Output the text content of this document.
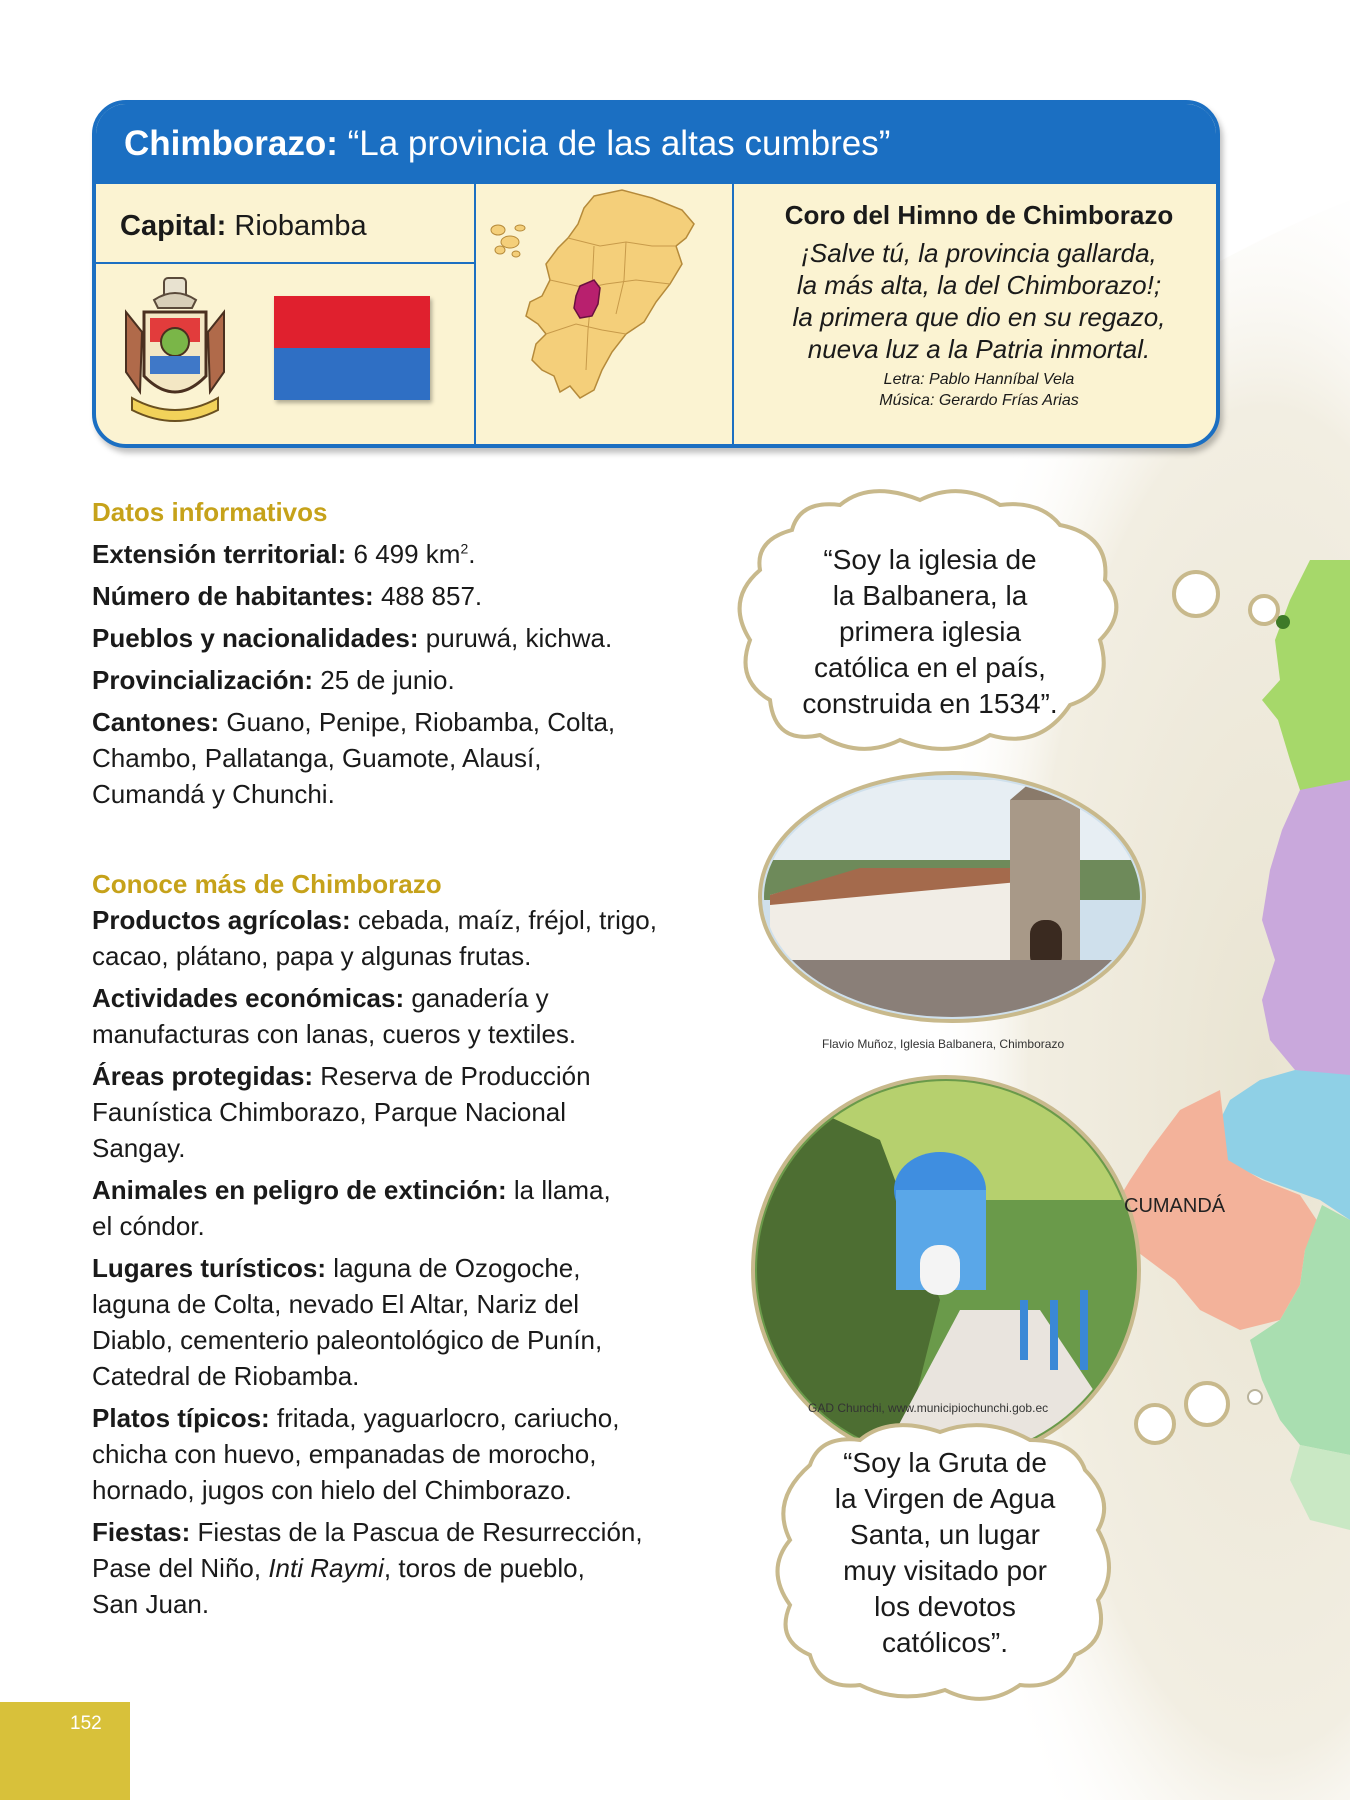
Chimborazo: “La provincia de las altas cumbres”
Capital: Riobamba	Coro del Himno de Chimborazo
¡Salve tú, la provincia gallarda,
la más alta, la del Chimborazo!;
la primera que dio en su regazo,
nueva luz a la Patria inmortal.
Letra: Pablo Hanníbal Vela
Música: Gerardo Frías Arias
Datos informativos
Extensión territorial: 6 499 $km^2$.
Número de habitantes: 488 857.
Pueblos y nacionalidades: puruwá, kichwa.
Provincialización: 25 de junio.
Cantones: Guano, Penipe, Riobamba, Colta,
Chambo, Pallatanga, Guamote, Alausí,
Cumandá y Chunchi.
Conoce más de Chimborazo
Productos agrícolas: cebada, maíz, fréjol, trigo,
cacao, plátano, papa y algunas frutas.
Actividades económicas: ganadería y
manufacturas con lanas, cueros y textiles.
Áreas protegidas: Reserva de Producción
Faunística Chimborazo, Parque Nacional
Sangay.
Animales en peligro de extinción: la llama,
el cóndor.
Lugares turísticos: laguna de Ozogoche,
laguna de Colta, nevado El Altar, Nariz del
Diablo, cementerio paleontológico de Punín,
Catedral de Riobamba.
Platos típicos: fritada, yaguarlocro, cariucho,
chicha con huevo, empanadas de morocho,
hornado, jugos con hielo del Chimborazo.
Fiestas: Fiestas de la Pascua de Resurrección,
Pase del Niño, Inti Raymi, toros de pueblo,
San Juan.
“Soy la iglesia de
la Balbanera, la
primera iglesia
católica en el país,
construida en 1534”.
Flavio Muñoz, Iglesia Balbanera, Chimborazo
GAD Chunchi, www.municipiochunchi.gob.ec
“Soy la Gruta de
la Virgen de Agua
Santa, un lugar
muy visitado por
los devotos
católicos”.
CUMANDÁ
152
